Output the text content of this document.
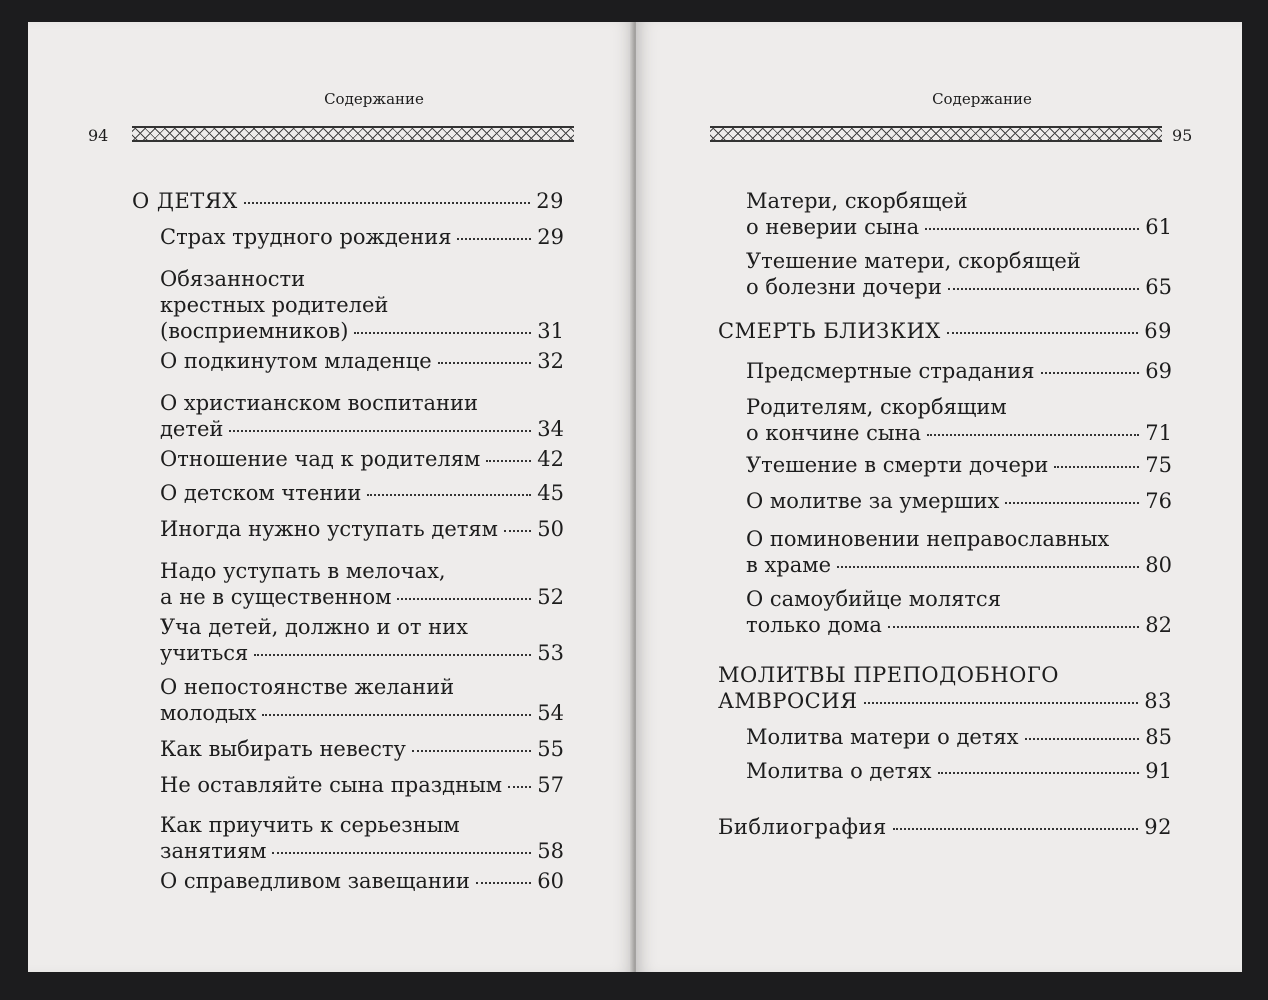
Содержание
94
О ДЕТЯХ	29
Страх трудного рождения	29
Обязанности
крестных родителей
(восприемников)	31
О подкинутом младенце	32
О христианском воспитании
детей	34
Отношение чад к родителям	42
О детском чтении	45
Иногда нужно уступать детям 50
Надо уступать в мелочах,
а не в существенном	52
Уча детей, должно и от них
учиться	53
О непостоянстве желаний
молодых	54
Как выбирать невесту	55
Не оставляйте сына праздным 57
Как приучить к серьезным
занятиям	58
О справедливом завещании	60
Содержание
95
Матери, скорбящей
о неверии сына	61
Утешение матери, скорбящей
о болезни дочери	65
СМЕРТЬ БЛИЗКИХ	69
Предсмертные страдания	69
Родителям, скорбящим
о кончине сына	71
Утешение в смерти дочери	75
О молитве за умерших	76
О поминовении неправославных
в храме	80
О самоубийце молятся
только дома	82
МОЛИТВЫ ПРЕПОДОБНОГО
АМВРОСИЯ	83
Молитва матери о детях	85
Молитва о детях	91
Библиография	92
